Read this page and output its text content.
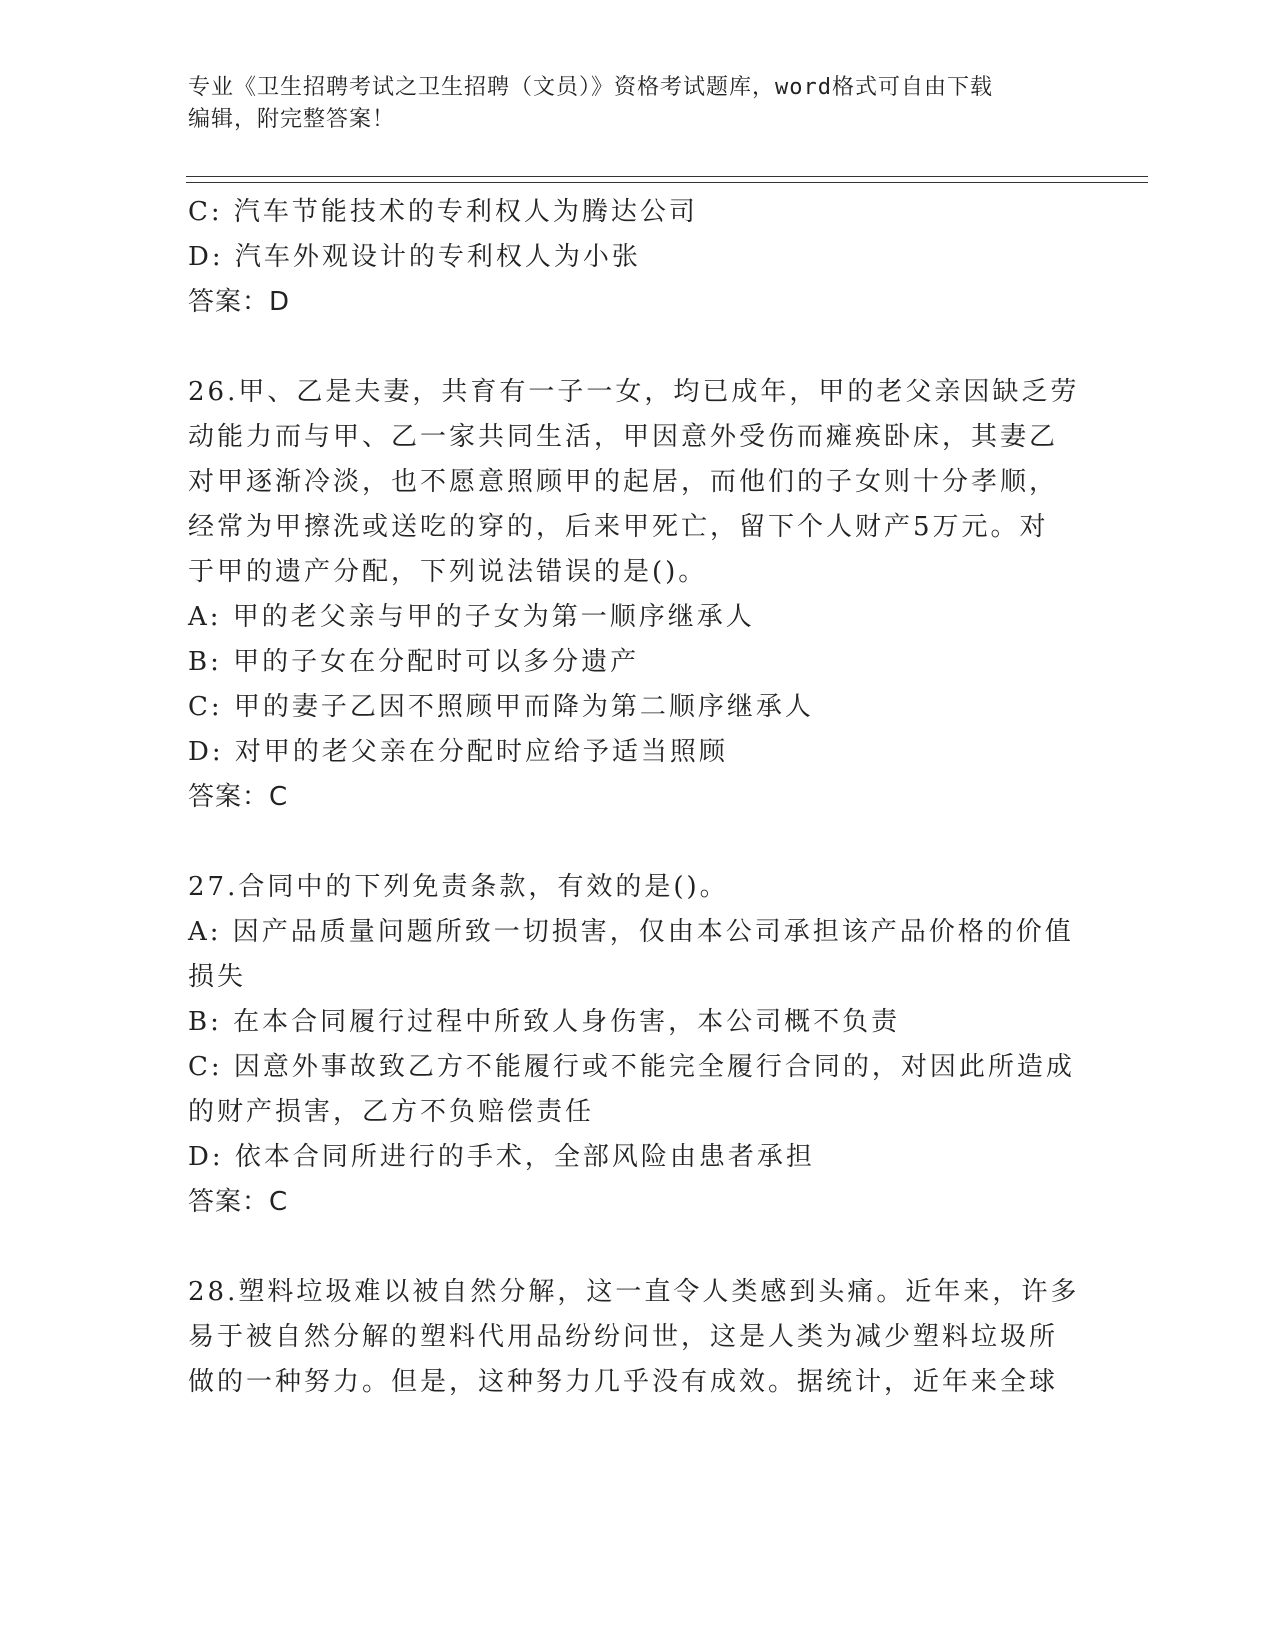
专业《卫生招聘考试之卫生招聘（文员）》资格考试题库，word格式可自由下载
编辑，附完整答案！
C: 汽车节能技术的专利权人为腾达公司
D: 汽车外观设计的专利权人为小张
答案：D
26.甲、乙是夫妻，共育有一子一女，均已成年，甲的老父亲因缺乏劳
动能力而与甲、乙一家共同生活，甲因意外受伤而瘫痪卧床，其妻乙
对甲逐渐冷淡，也不愿意照顾甲的起居，而他们的子女则十分孝顺，
经常为甲擦洗或送吃的穿的，后来甲死亡，留下个人财产5万元。对
于甲的遗产分配，下列说法错误的是()。
A: 甲的老父亲与甲的子女为第一顺序继承人
B: 甲的子女在分配时可以多分遗产
C: 甲的妻子乙因不照顾甲而降为第二顺序继承人
D: 对甲的老父亲在分配时应给予适当照顾
答案：C
27.合同中的下列免责条款，有效的是()。
A: 因产品质量问题所致一切损害，仅由本公司承担该产品价格的价值
损失
B: 在本合同履行过程中所致人身伤害，本公司概不负责
C: 因意外事故致乙方不能履行或不能完全履行合同的，对因此所造成
的财产损害，乙方不负赔偿责任
D: 依本合同所进行的手术，全部风险由患者承担
答案：C
28.塑料垃圾难以被自然分解，这一直令人类感到头痛。近年来，许多
易于被自然分解的塑料代用品纷纷问世，这是人类为减少塑料垃圾所
做的一种努力。但是，这种努力几乎没有成效。据统计，近年来全球
